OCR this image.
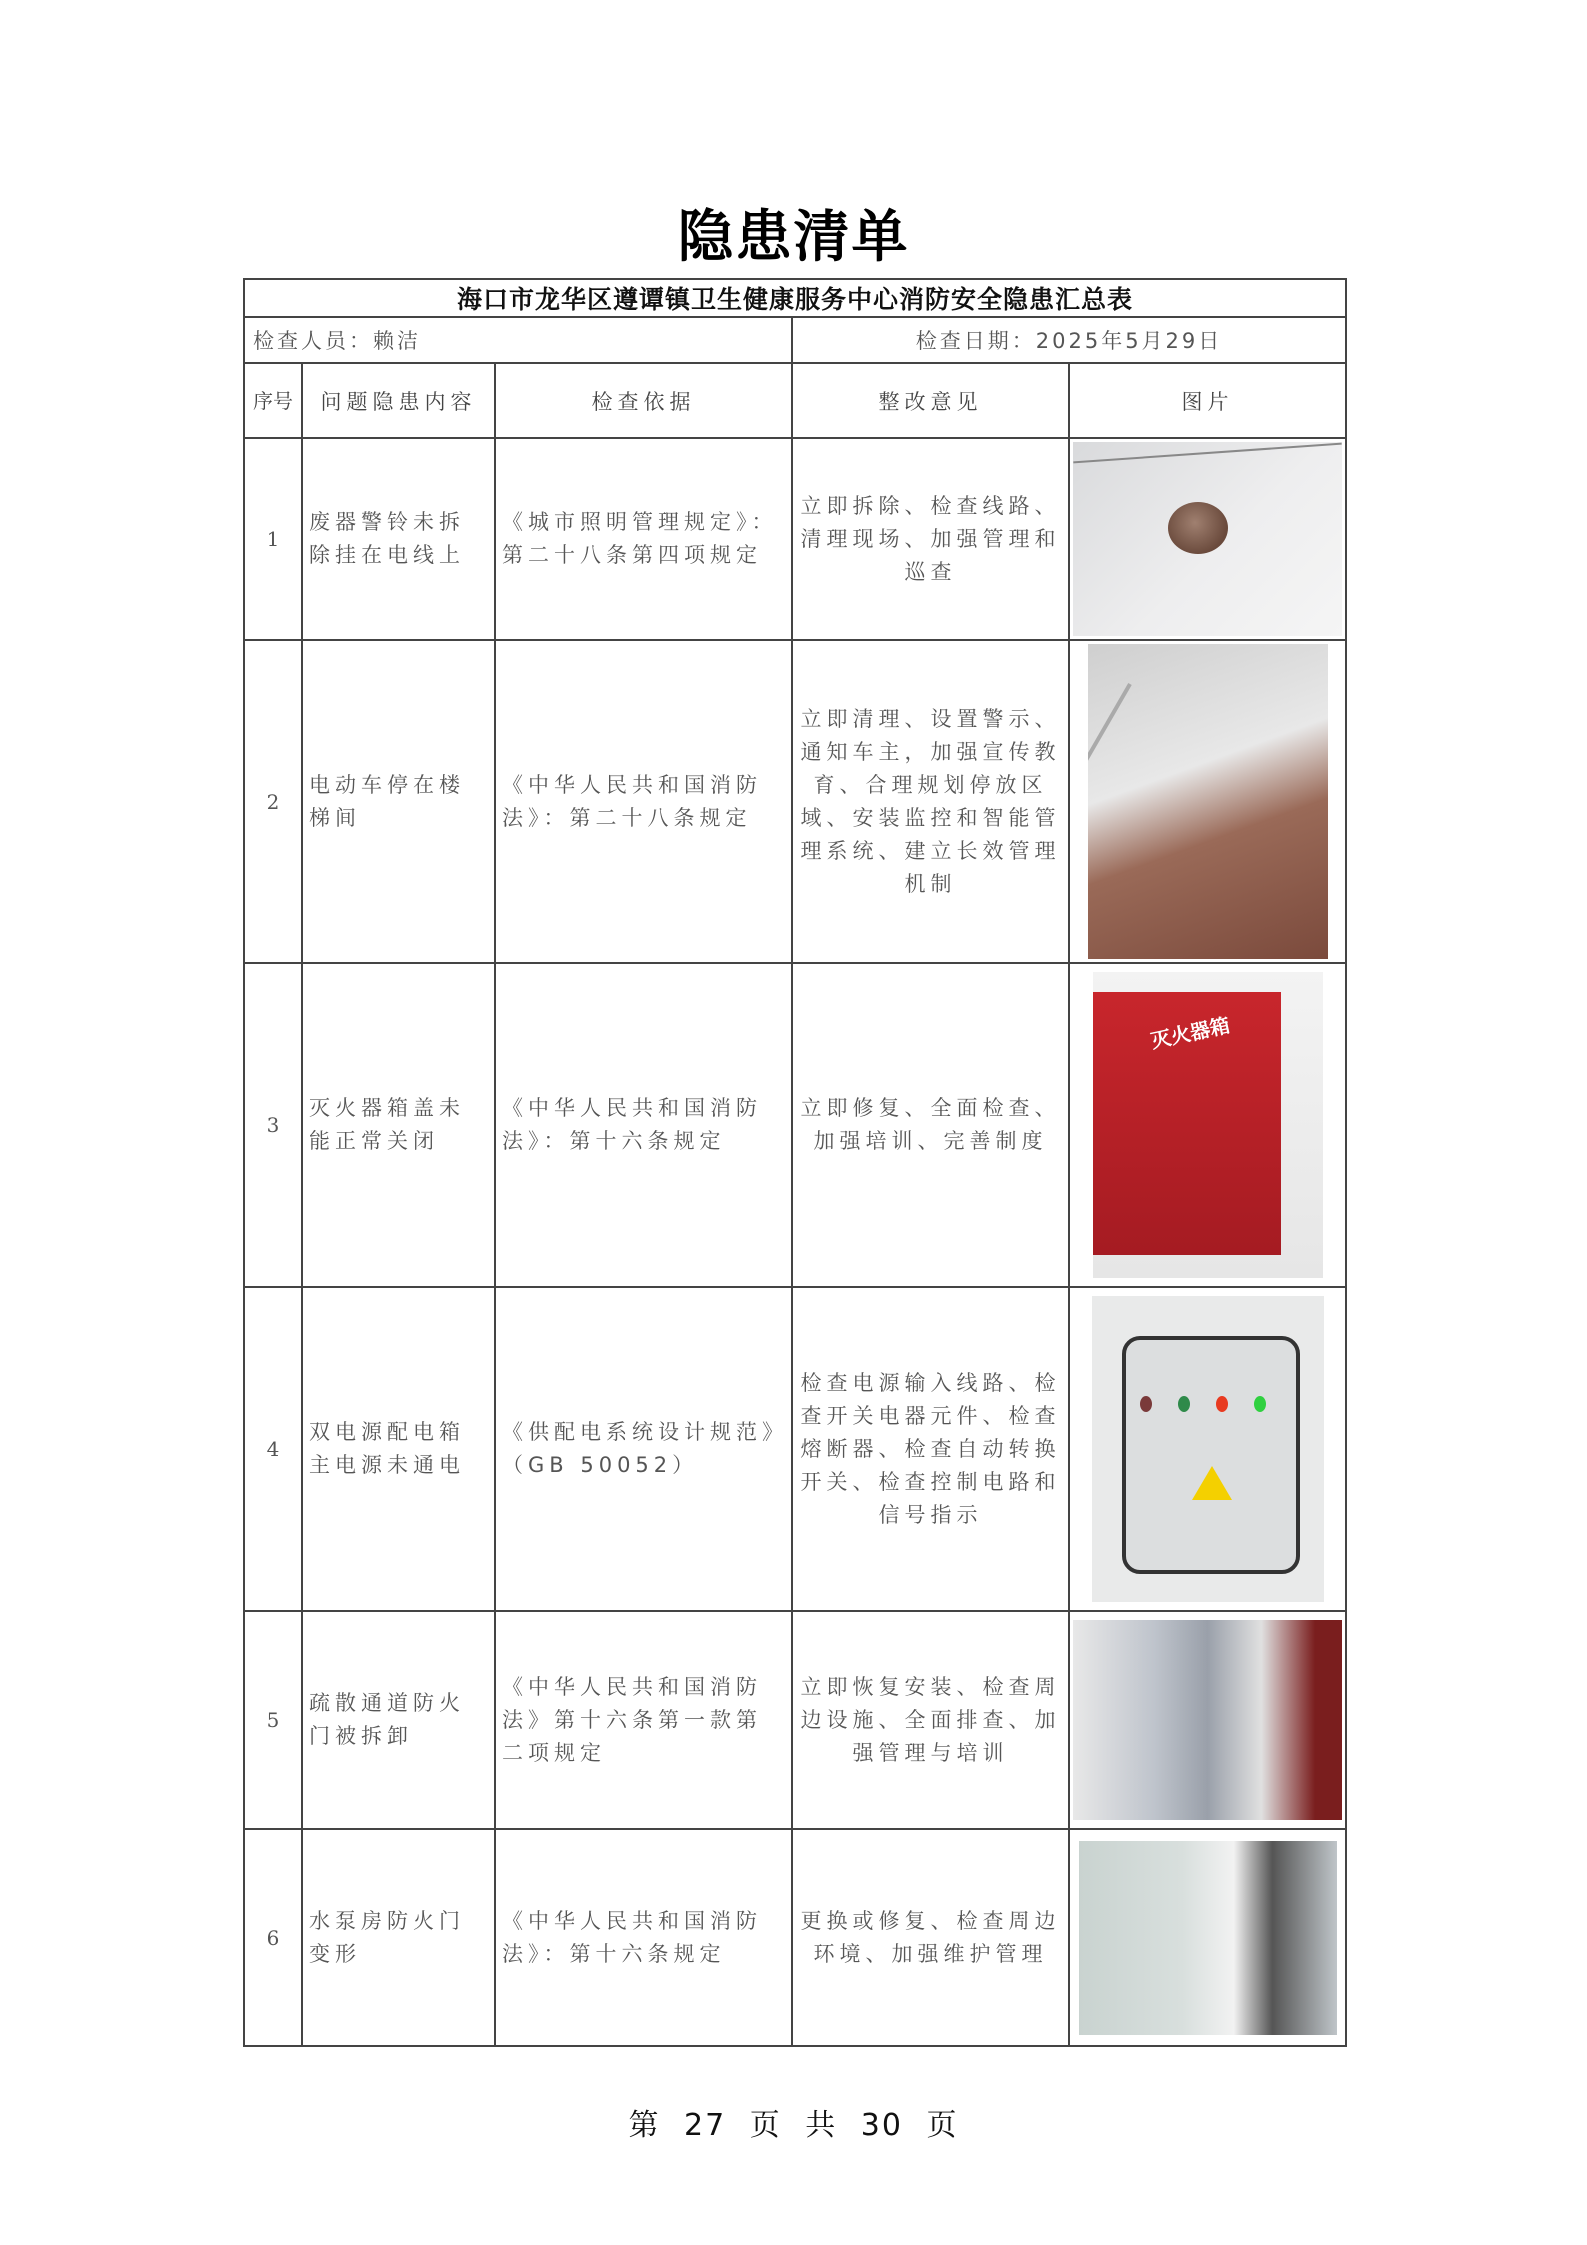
隐患清单
海口市龙华区遵谭镇卫生健康服务中心消防安全隐患汇总表				
检查人员：赖洁			检查日期：2025年5月29日	
序号	问题隐患内容	检查依据	整改意见	图片
1	废器警铃未拆除挂在电线上	《城市照明管理规定》：第二十八条第四项规定	立即拆除、检查线路、清理现场、加强管理和巡查	

2	电动车停在楼梯间	《中华人民共和国消防法》：第二十八条规定	立即清理、设置警示、通知车主，加强宣传教育、合理规划停放区域、安装监控和智能管理系统、建立长效管理机制	

3	灭火器箱盖未能正常关闭	《中华人民共和国消防法》：第十六条规定	立即修复、全面检查、加强培训、完善制度	灭火器箱

4	双电源配电箱主电源未通电	《供配电系统设计规范》（GB 50052）	检查电源输入线路、检查开关电器元件、检查熔断器、检查自动转换开关、检查控制电路和信号指示	

5	疏散通道防火门被拆卸	《中华人民共和国消防法》第十六条第一款第二项规定	立即恢复安装、检查周边设施、全面排查、加强管理与培训	

6	水泵房防火门变形	《中华人民共和国消防法》：第十六条规定	更换或修复、检查周边环境、加强维护管理	
第 27 页 共 30 页
